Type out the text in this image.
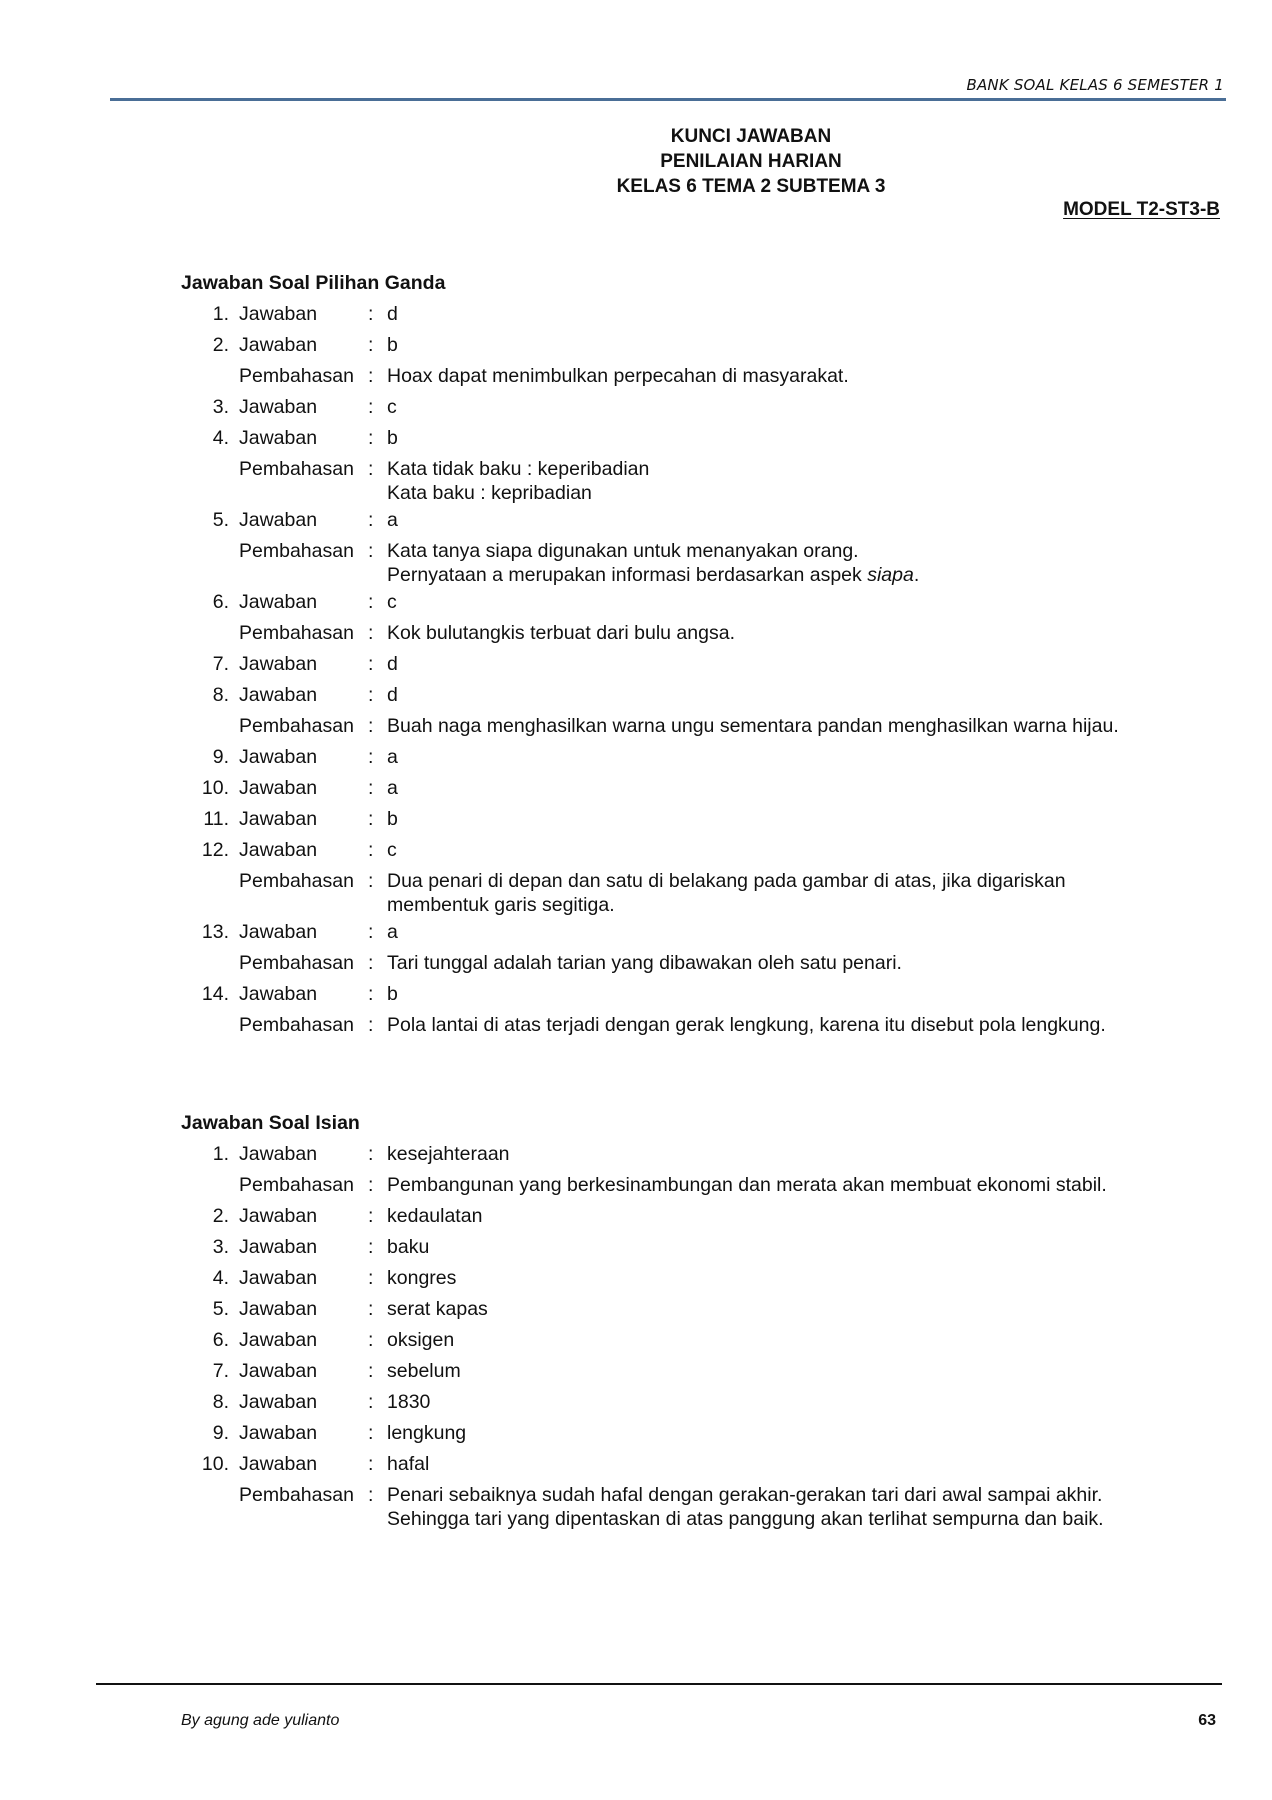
BANK SOAL KELAS 6 SEMESTER 1
KUNCI JAWABAN
PENILAIAN HARIAN
KELAS 6 TEMA 2 SUBTEMA 3
MODEL T2-ST3-B
Jawaban Soal Pilihan Ganda
1. Jawaban	: d
2. Jawaban	: b
Pembahasan : Hoax dapat menimbulkan perpecahan di masyarakat.
3. Jawaban	: c
4. Jawaban	: b
Pembahasan : Kata tidak baku : keperibadian
Kata baku : kepribadian
5. Jawaban	: a
Pembahasan : Kata tanya siapa digunakan untuk menanyakan orang.
Pernyataan a merupakan informasi berdasarkan aspek siapa.
6. Jawaban	: c
Pembahasan : Kok bulutangkis terbuat dari bulu angsa.
7. Jawaban	: d
8. Jawaban	: d
Pembahasan : Buah naga menghasilkan warna ungu sementara pandan menghasilkan warna hijau.
9. Jawaban	: a
10. Jawaban	: a
11. Jawaban	: b
12. Jawaban	: c
Pembahasan : Dua penari di depan dan satu di belakang pada gambar di atas, jika digariskan
membentuk garis segitiga.
13. Jawaban	: a
Pembahasan : Tari tunggal adalah tarian yang dibawakan oleh satu penari.
14. Jawaban	: b
Pembahasan : Pola lantai di atas terjadi dengan gerak lengkung, karena itu disebut pola lengkung.
Jawaban Soal Isian
1. Jawaban	: kesejahteraan
Pembahasan : Pembangunan yang berkesinambungan dan merata akan membuat ekonomi stabil.
2. Jawaban	: kedaulatan
3. Jawaban	: baku
4. Jawaban	: kongres
5. Jawaban	: serat kapas
6. Jawaban	: oksigen
7. Jawaban	: sebelum
8. Jawaban	: 1830
9. Jawaban	: lengkung
10. Jawaban	: hafal
Pembahasan : Penari sebaiknya sudah hafal dengan gerakan-gerakan tari dari awal sampai akhir.
Sehingga tari yang dipentaskan di atas panggung akan terlihat sempurna dan baik.
By agung ade yulianto	63
